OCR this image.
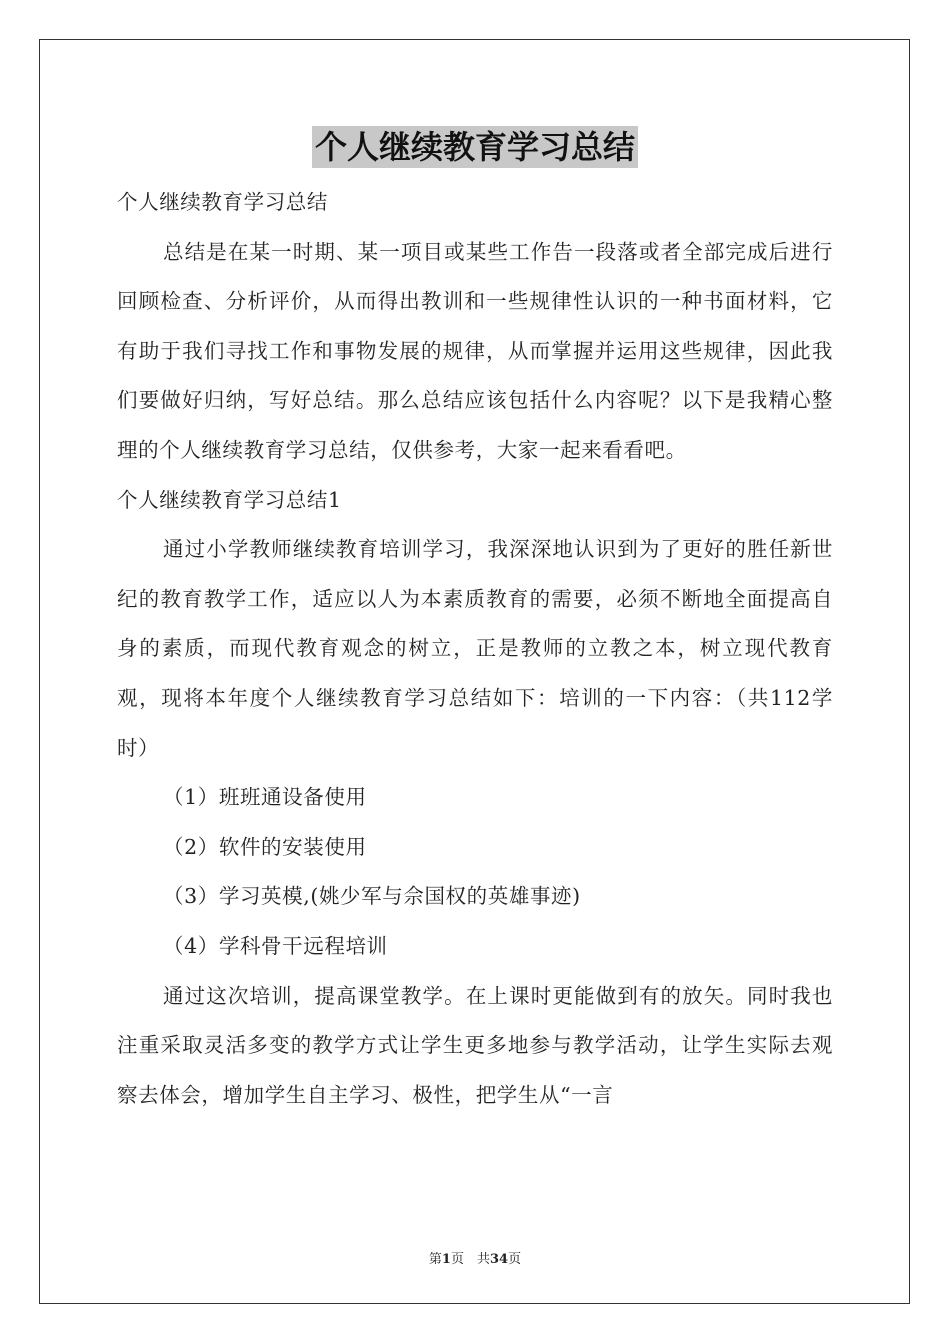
个人继续教育学习总结
个人继续教育学习总结

总结是在某一时期、某一项目或某些工作告一段落或者全部完成后进行回顾检查、分析评价，从而得出教训和一些规律性认识的一种书面材料，它有助于我们寻找工作和事物发展的规律，从而掌握并运用这些规律，因此我们要做好归纳，写好总结。那么总结应该包括什么内容呢？以下是我精心整理的个人继续教育学习总结，仅供参考，大家一起来看看吧。

个人继续教育学习总结1

通过小学教师继续教育培训学习，我深深地认识到为了更好的胜任新世纪的教育教学工作，适应以人为本素质教育的需要，必须不断地全面提高自身的素质，而现代教育观念的树立，正是教师的立教之本，树立现代教育观，现将本年度个人继续教育学习总结如下：培训的一下内容：（共112学时）

（1）班班通设备使用
（2）软件的安装使用
（3）学习英模,(姚少军与佘国权的英雄事迹)
（4）学科骨干远程培训

通过这次培训，提高课堂教学。在上课时更能做到有的放矢。同时我也注重采取灵活多变的教学方式让学生更多地参与教学活动，让学生实际去观察去体会，增加学生自主学习、极性，把学生从“一言

第1页　共34页
